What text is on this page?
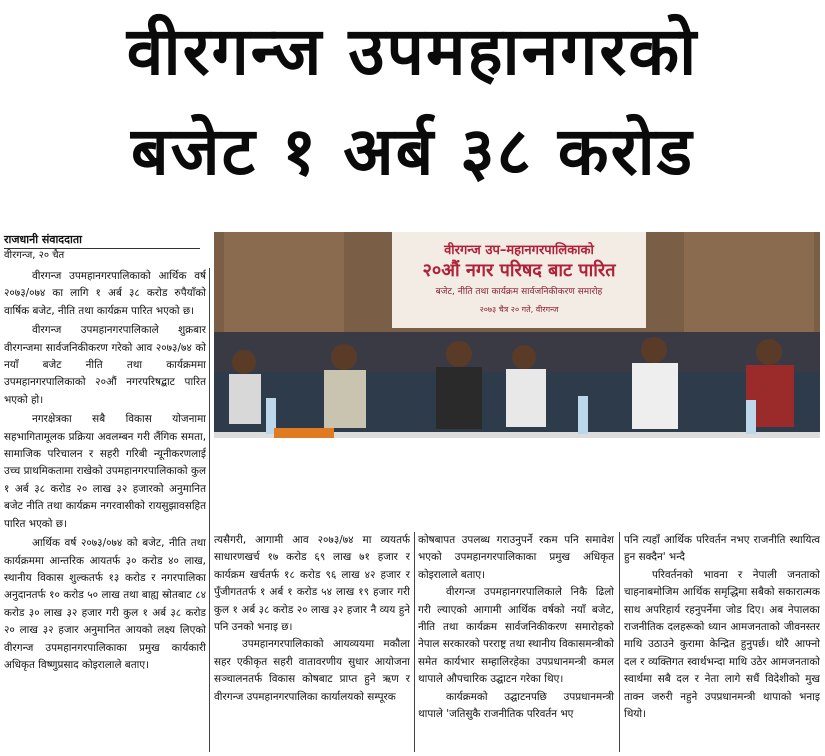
वीरगन्ज उपमहानगरको
बजेट १ अर्ब ३८ करोड
राजधानी संवाददाता
वीरगन्ज, २० चैत	वीरगन्ज उप–महानगरपालिकाको
२०औं नगर परिषद बाट पारित
बजेट, नीति तथा कार्यक्रम सार्वजनिकीकरण समारोह
२०७३ चैत्र २० गते, वीरगन्ज

वीरगन्ज उपमहानगरपालिकाको आर्थिक वर्ष २०७३/०७४ का लागि १ अर्ब ३८ करोड रुपैयाँको वार्षिक बजेट, नीति तथा कार्यक्रम पारित भएको छ।

वीरगन्ज उपमहानगरपालिकाले शुक्रबार वीरगन्जमा सार्वजनिकीकरण गरेको आव २०७३/७४ को नयाँ बजेट नीति तथा कार्यक्रममा उपमहानगरपालिकाको २०औं नगरपरिषद्बाट पारित भएको हो।

नगरक्षेत्रका सबै विकास योजनामा सहभागितामूलक प्रक्रिया अवलम्बन गरी लैंगिक समता, सामाजिक परिचालन र सहरी गरिबी न्यूनीकरणलाई उच्च प्राथमिकतामा राखेको उपमहानगरपालिकाको कुल १ अर्ब ३८ करोड २० लाख ३२ हजारको अनुमानित बजेट नीति तथा कार्यक्रम नगरवासीको रायसुझावसहित पारित भएको छ।

आर्थिक वर्ष २०७३/०७४ को बजेट, नीति तथा कार्यक्रममा आन्तरिक आयतर्फ ३० करोड ४० लाख, स्थानीय विकास शुल्कतर्फ १३ करोड र नगरपालिका अनुदानतर्फ १० करोड ५० लाख तथा बाह्य स्रोतबाट ८४ करोड ३० लाख ३२ हजार गरी कुल १ अर्ब ३८ करोड २० लाख ३२ हजार अनुमानित आयको लक्ष्य लिएको वीरगन्ज उपमहानगरपालिकाका प्रमुख कार्यकारी अधिकृत विष्णुप्रसाद कोइरालाले बताए।

त्यसैगरी, आगामी आव २०७३/७४ मा व्ययतर्फ साधारणखर्च १७ करोड ६९ लाख ७१ हजार र कार्यक्रम खर्चतर्फ १८ करोड ९६ लाख ४२ हजार र पुँजीगततर्फ १ अर्ब १ करोड ५४ लाख १९ हजार गरी कुल १ अर्ब ३८ करोड २० लाख ३२ हजार नै व्यय हुने पनि उनको भनाइ छ।

उपमहानगरपालिकाको आयव्ययमा मकौला सहर एकीकृत सहरी वातावरणीय सुधार आयोजना सञ्चालनतर्फ विकास कोषबाट प्राप्त हुने ऋण र वीरगन्ज उपमहानगरपालिका कार्यालयको सम्पूरक

कोषबापत उपलब्ध गराउनुपर्ने रकम पनि समावेश भएको उपमहानगरपालिकाका प्रमुख अधिकृत कोइरालाले बताए।

वीरगन्ज उपमहानगरपालिकाले निकै ढिलो गरी ल्याएको आगामी आर्थिक वर्षको नयाँ बजेट, नीति तथा कार्यक्रम सार्वजनिकीकरण समारोहको नेपाल सरकारको परराष्ट्र तथा स्थानीय विकासमन्त्रीको समेत कार्यभार सम्हालिरहेका उपप्रधानमन्त्री कमल थापाले औपचारिक उद्घाटन गरेका थिए।

कार्यक्रमको उद्घाटनपछि उपप्रधानमन्त्री थापाले 'जतिसुकै राजनीतिक परिवर्तन भए

पनि त्यहाँ आर्थिक परिवर्तन नभए राजनीति स्थायित्व हुन सक्दैन' भन्दै

परिवर्तनको भावना र नेपाली जनताको चाहनाबमोजिम आर्थिक समृद्धिमा सबैको सकारात्मक साथ अपरिहार्य रहनुपर्नेमा जोड दिए। अब नेपालका राजनीतिक दलहरूको ध्यान आमजनताको जीवनस्तर माथि उठाउने कुरामा केन्द्रित हुनुपर्छ। थोरै आफ्नो दल र व्यक्तिगत स्वार्थभन्दा माथि उठेर आमजनताको स्वार्थमा सबै दल र नेता लागे सधैं विदेशीको मुख ताक्न जरुरी नहुने उपप्रधानमन्त्री थापाको भनाइ थियो।
